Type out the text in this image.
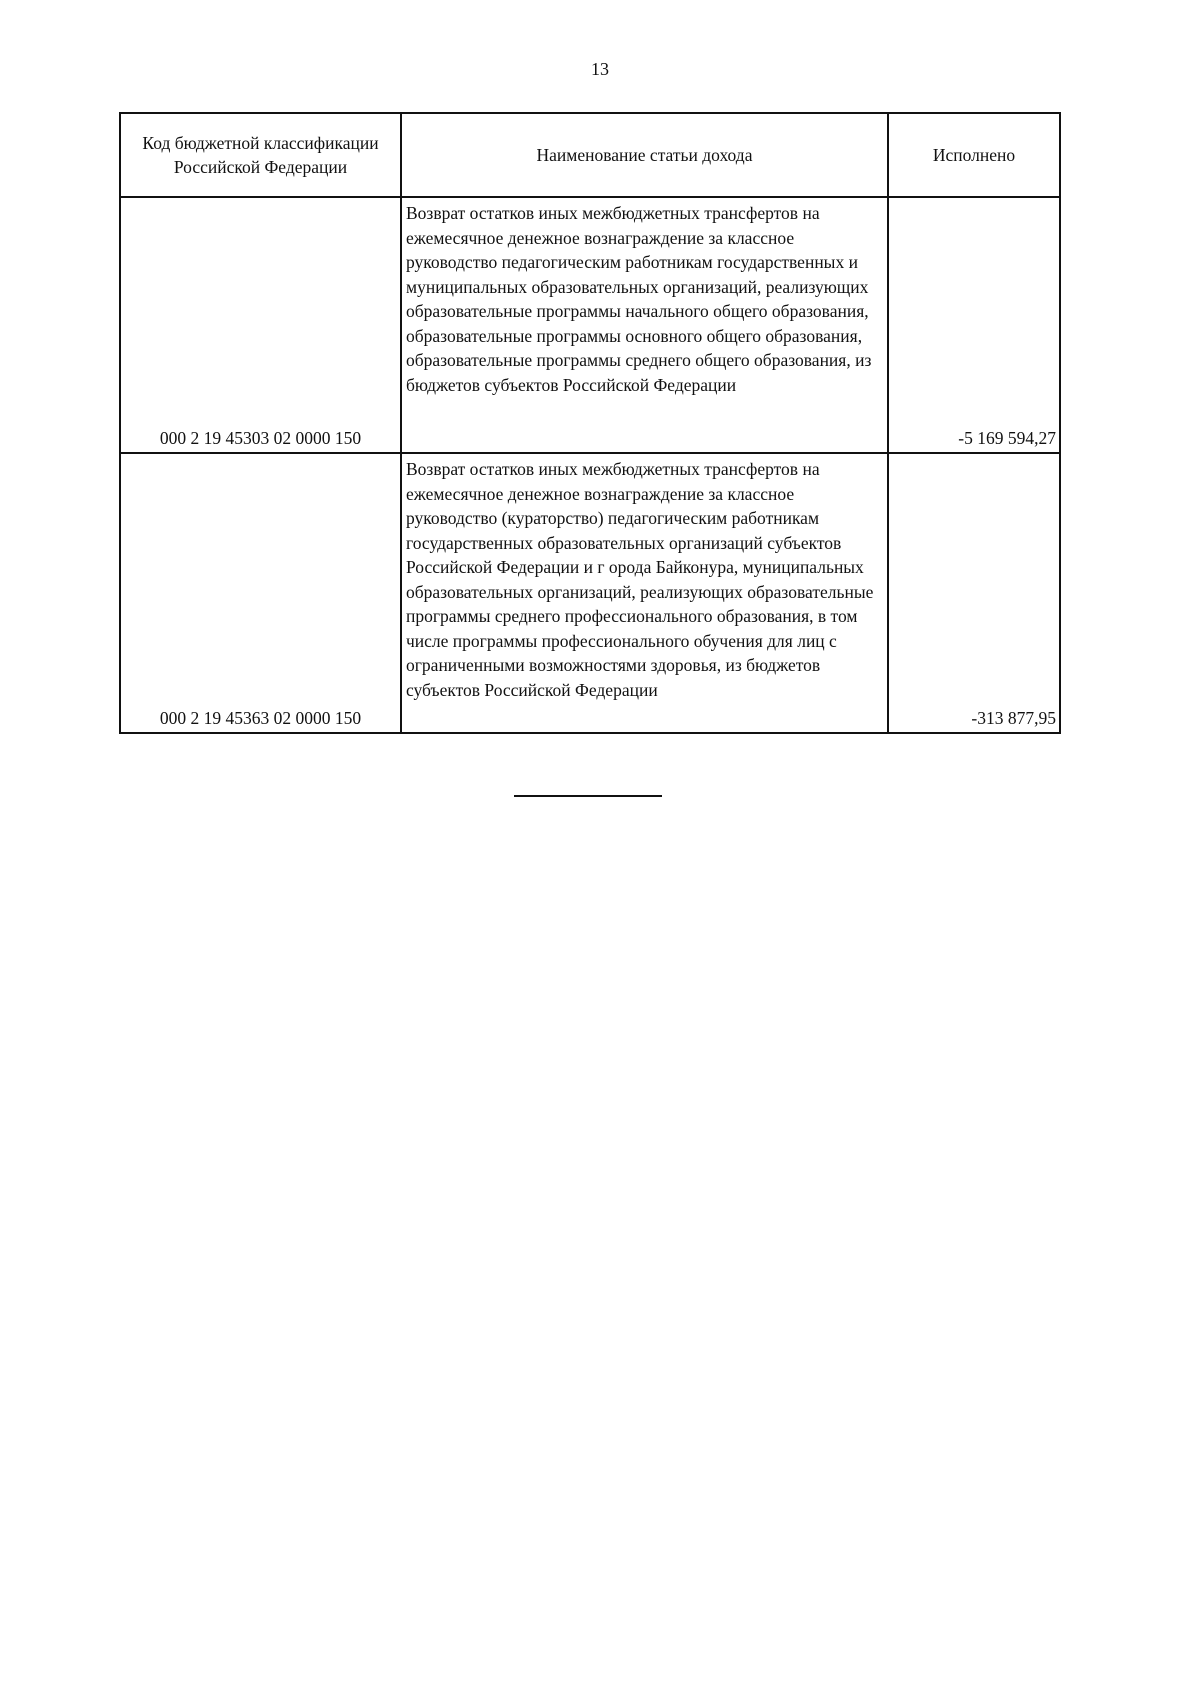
13
Код бюджетной классификации Российской Федерации	Наименование статьи дохода	Исполнено
000 2 19 45303 02 0000 150	Возврат остатков иных межбюджетных трансфертов на ежемесячное денежное вознаграждение за классное руководство педагогическим работникам государственных и муниципальных образовательных организаций, реализующих образовательные программы начального общего образования, образовательные программы основного общего образования, образовательные программы среднего общего образования, из бюджетов субъектов Российской Федерации	-5 169 594,27
000 2 19 45363 02 0000 150	Возврат остатков иных межбюджетных трансфертов на ежемесячное денежное вознаграждение за классное руководство (кураторство) педагогическим работникам государственных образовательных организаций субъектов Российской Федерации и г орода Байконура, муниципальных образовательных организаций, реализующих образовательные программы среднего профессионального образования, в том числе программы профессионального обучения для лиц с ограниченными возможностями здоровья, из бюджетов субъектов Российской Федерации	-313 877,95
